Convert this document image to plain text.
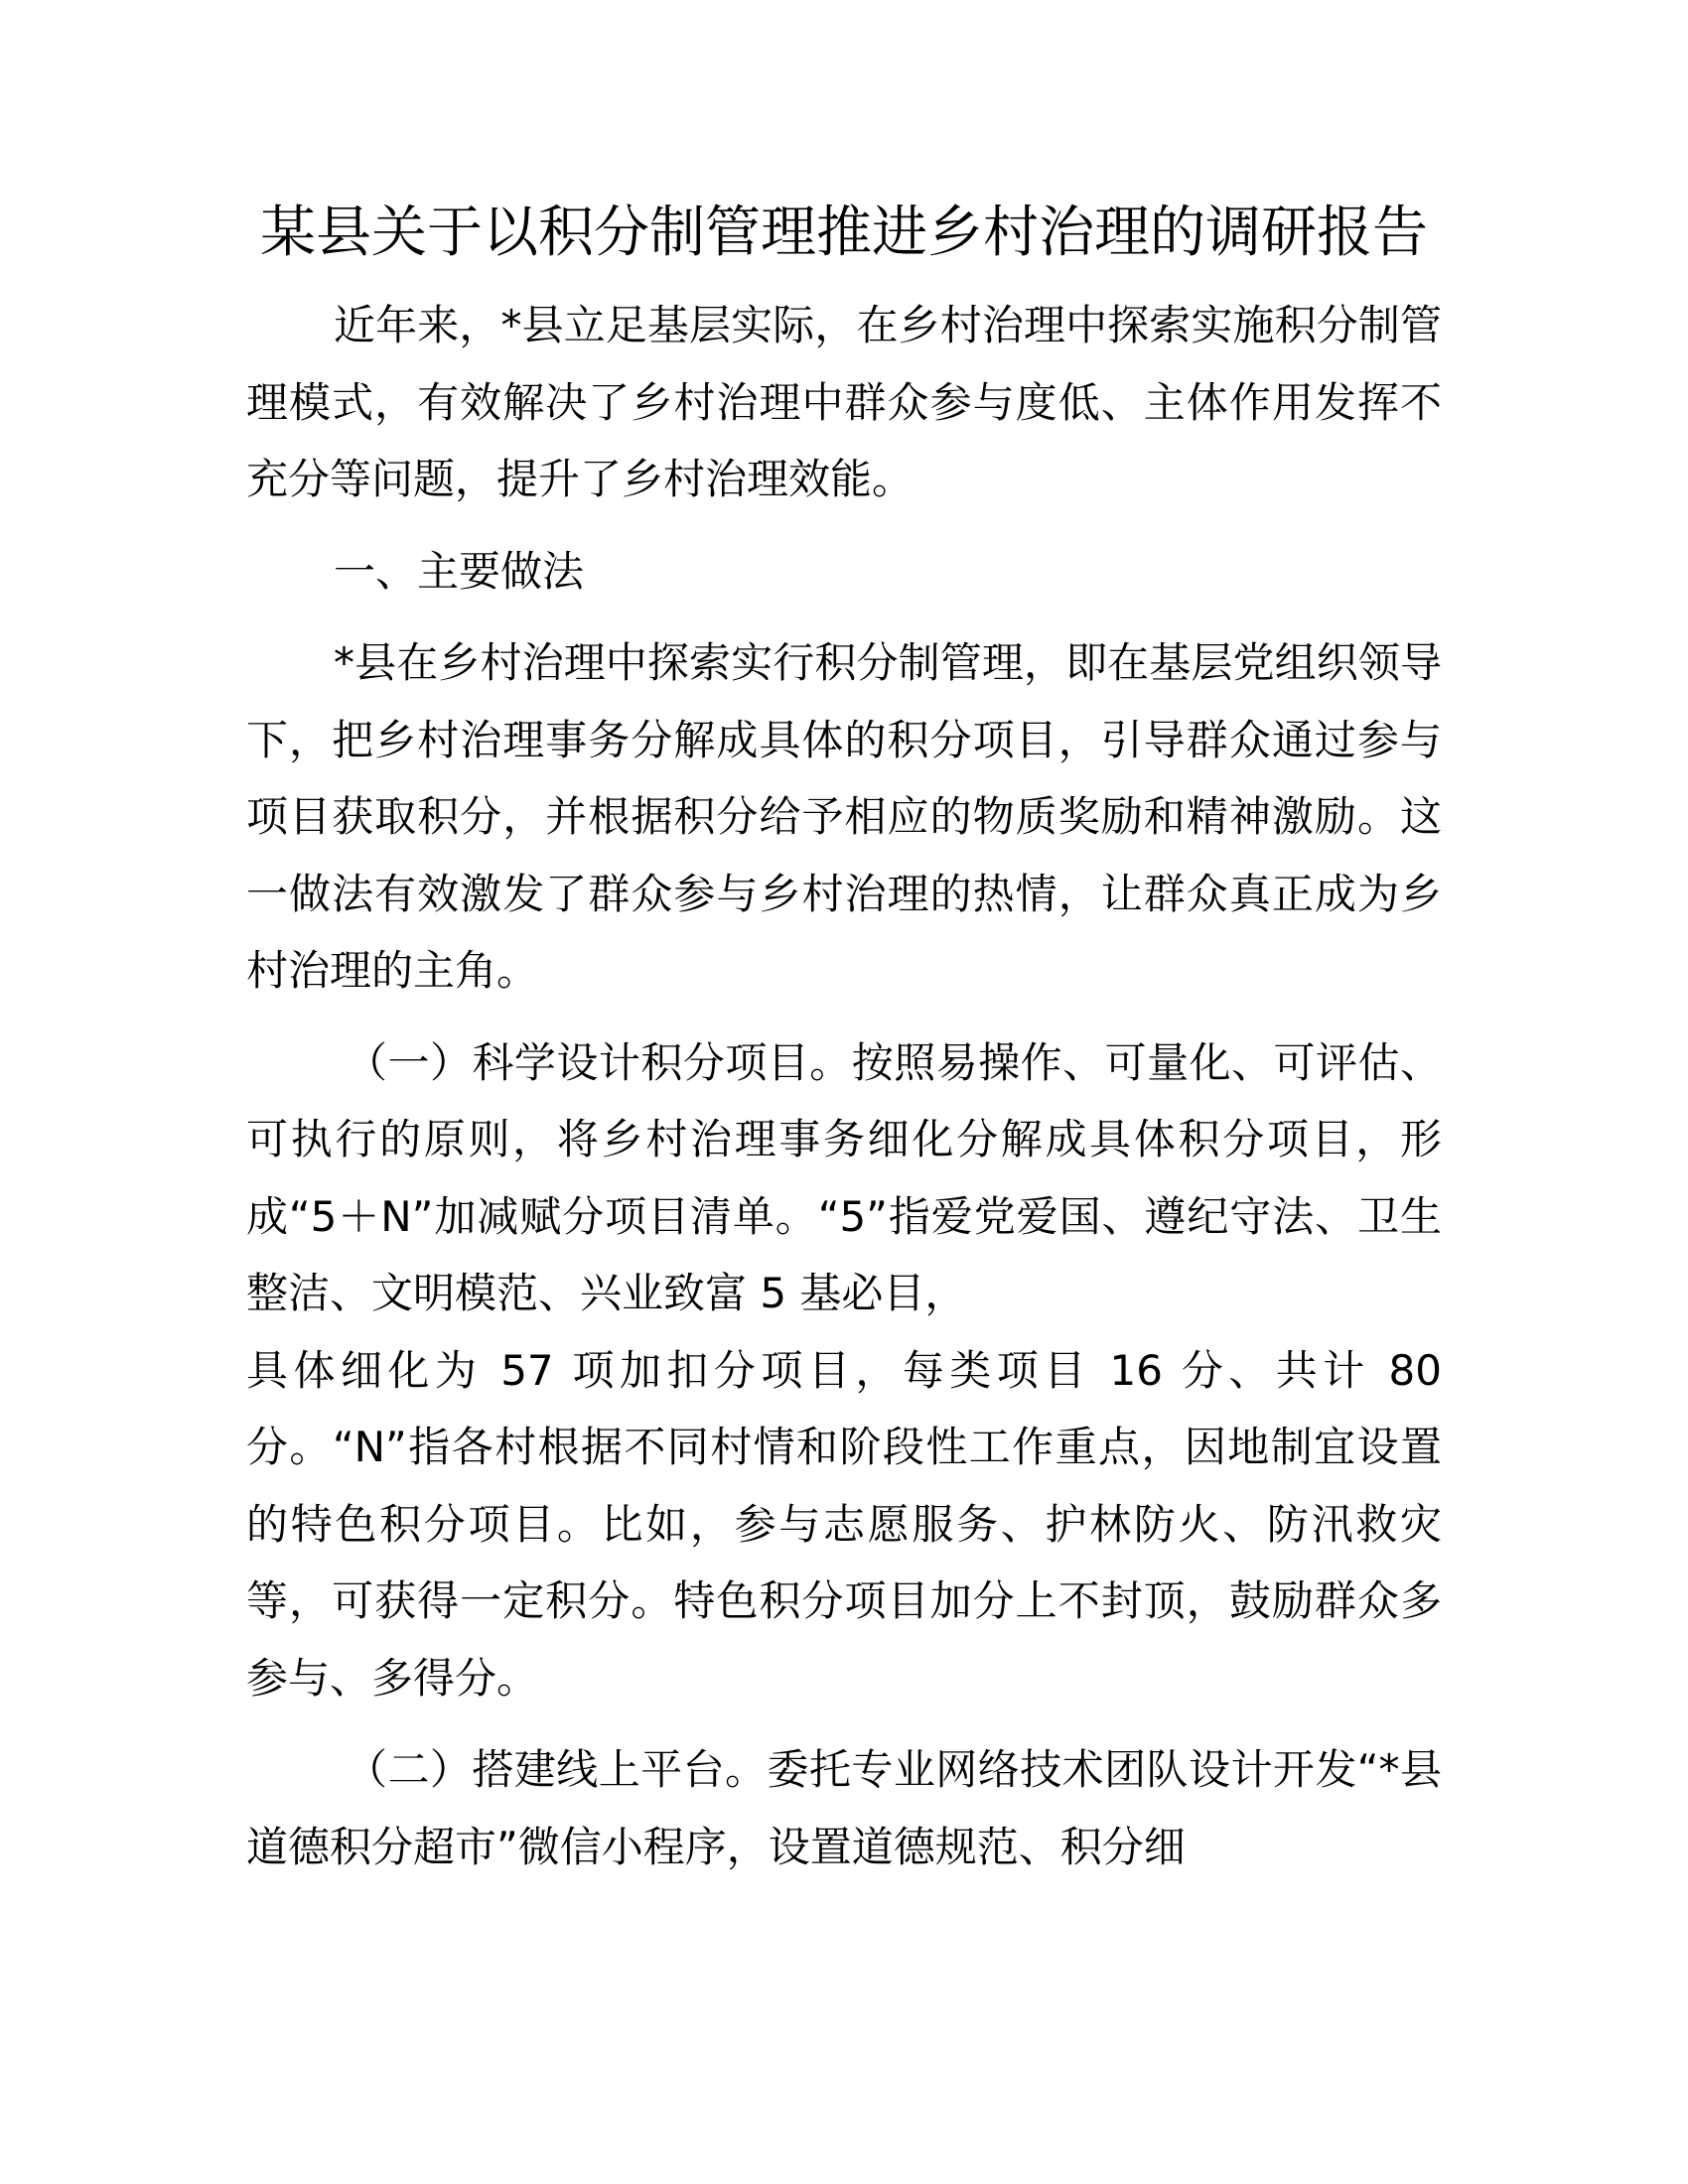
某县关于以积分制管理推进乡村治理的调研报告

近年来，*县立足基层实际，在乡村治理中探索实施积分制管理模式，有效解决了乡村治理中群众参与度低、主体作用发挥不充分等问题，提升了乡村治理效能。

一、主要做法

*县在乡村治理中探索实行积分制管理，即在基层党组织领导下，把乡村治理事务分解成具体的积分项目，引导群众通过参与项目获取积分，并根据积分给予相应的物质奖励和精神激励。这一做法有效激发了群众参与乡村治理的热情，让群众真正成为乡村治理的主角。

（一）科学设计积分项目。按照易操作、可量化、可评估、可执行的原则，将乡村治理事务细化分解成具体积分项目，形成“5＋N”加减赋分项目清单。“5”指爱党爱国、遵纪守法、卫生整洁、文明模范、兴业致富 5 基必目，

具体细化为 57 项加扣分项目，每类项目 16 分、共计 80 分。“N”指各村根据不同村情和阶段性工作重点，因地制宜设置的特色积分项目。比如，参与志愿服务、护林防火、防汛救灾等，可获得一定积分。特色积分项目加分上不封顶，鼓励群众多参与、多得分。

（二）搭建线上平台。委托专业网络技术团队设计开发“*县道德积分超市”微信小程序，设置道德规范、积分细
